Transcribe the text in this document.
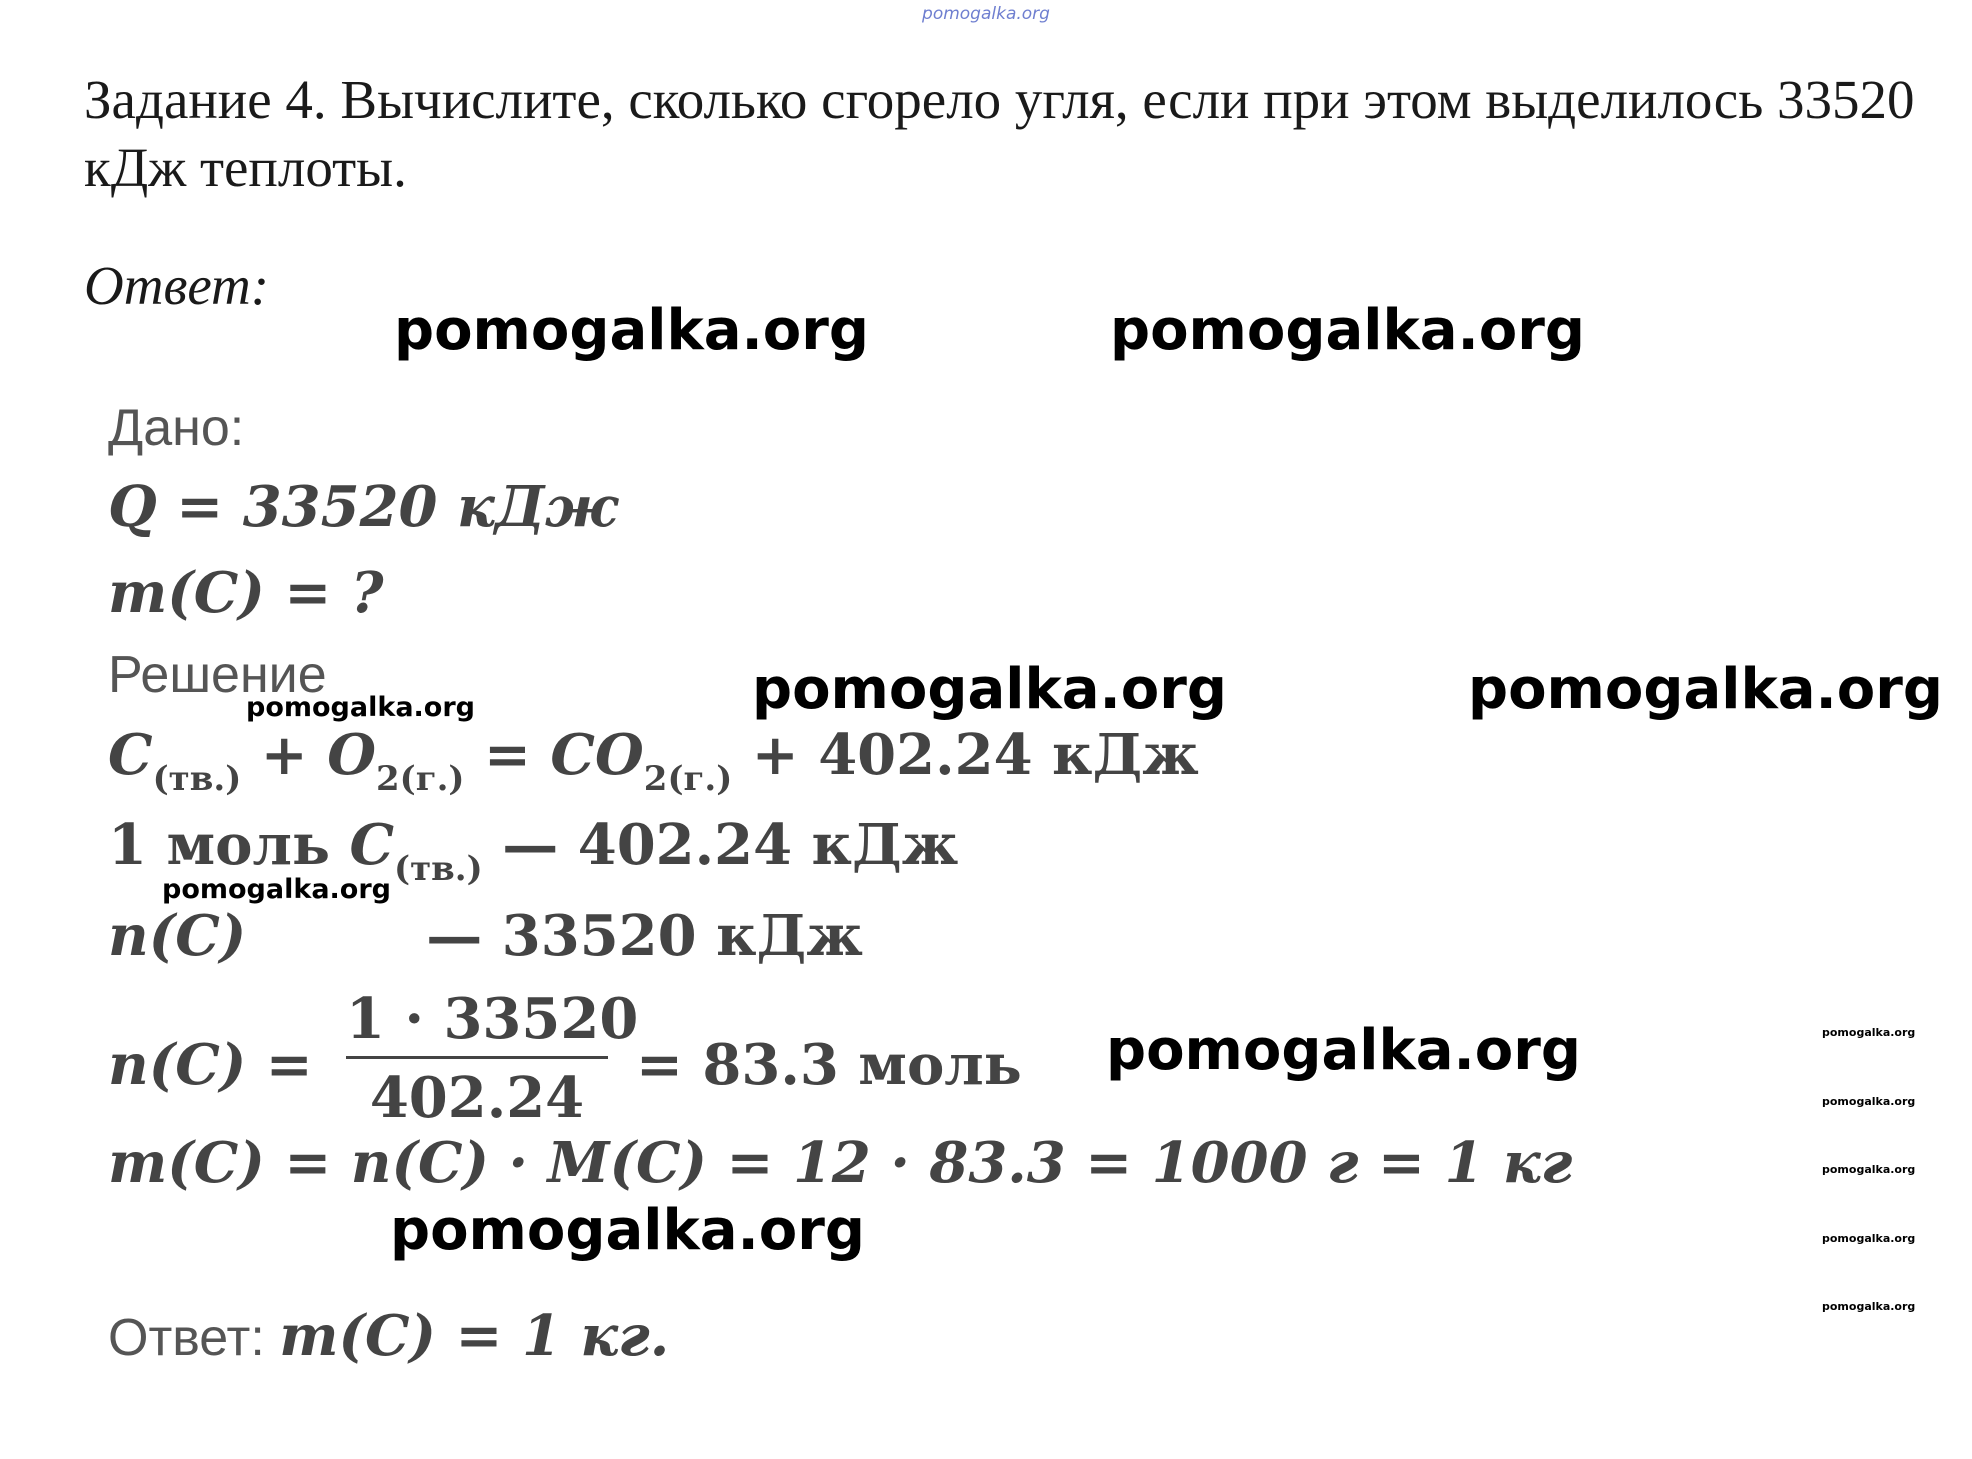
pomogalka.org
Задание 4. Вычислите, сколько сгорело угля, если при этом выделилось 33520 кДж теплоты.
Ответ:
Дано:
Q = 33520 кДж
m(C) = ?
Решение
$C_{(тв.)} + O_{2(г.)} = CO_{2(г.)} + 402.24$ кДж
1 моль $C_{(тв.)}$ — 402.24 кДж
n(C)	— 33520 кДж
n(C) =
1 · 33520
402.24 = 83.3 моль
m(C) = n(C) · M(C) = 12 · 83.3 = 1000 г = 1 кг
Ответ: m(C) = 1 кг.
pomogalka.org	pomogalka.org
pomogalka.org	pomogalka.org
pomogalka.org
pomogalka.org
pomogalka.org
pomogalka.org
pomogalka.org
pomogalka.org
pomogalka.org
pomogalka.org
pomogalka.org
